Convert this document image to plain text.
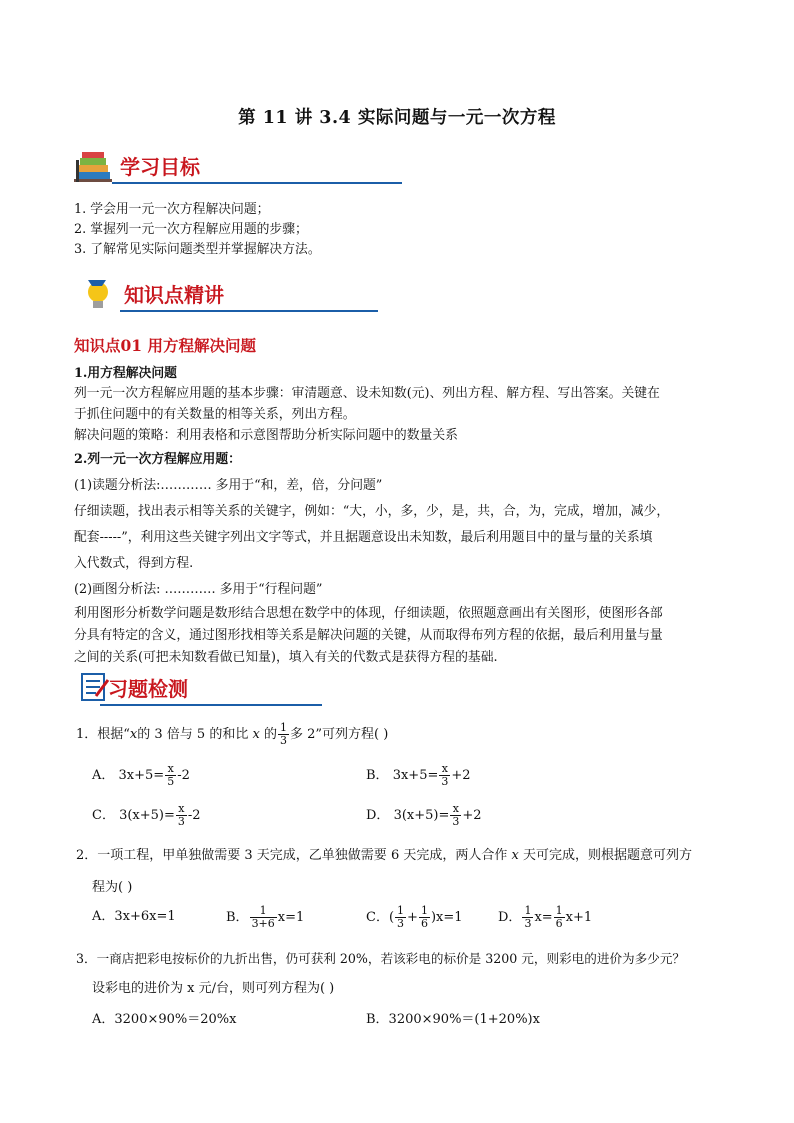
第 11 讲 3.4 实际问题与一元一次方程
学习目标
1. 学会用一元一次方程解决问题；
2. 掌握列一元一次方程解应用题的步骤；
3. 了解常见实际问题类型并掌握解决方法。
知识点精讲
知识点01 用方程解决问题
1.用方程解决问题
列一元一次方程解应用题的基本步骤：审清题意、设未知数(元)、列出方程、解方程、写出答案。关键在
于抓住问题中的有关数量的相等关系，列出方程。
解决问题的策略：利用表格和示意图帮助分析实际问题中的数量关系
2.列一元一次方程解应用题：
(1)读题分析法:………… 多用于“和，差，倍，分问题”
仔细读题，找出表示相等关系的关键字，例如：“大，小，多，少，是，共，合，为，完成，增加，减少，
配套-----”，利用这些关键字列出文字等式，并且据题意设出未知数，最后利用题目中的量与量的关系填
入代数式，得到方程.
(2)画图分析法: ………… 多用于“行程问题”
利用图形分析数学问题是数形结合思想在数学中的体现，仔细读题，依照题意画出有关图形，使图形各部
分具有特定的含义，通过图形找相等关系是解决问题的关键，从而取得布列方程的依据，最后利用量与量
之间的关系(可把未知数看做已知量)，填入有关的代数式是获得方程的基础.
习题检测
1．根据“x的 3 倍与 5 的和比 x 的 $\frac{1}{3}$ 多 2”可列方程( )
A． $3x+5= \frac{x}{5} -2$	B． $3x+5= \frac{x}{3} +2$
C． $3(x+5)= \frac{x}{3} -2$	D． $3(x+5)= \frac{x}{3} +2$
2．一项工程，甲单独做需要 3 天完成，乙单独做需要 6 天完成，两人合作 x 天可完成，则根据题意可列方
程为( )
A．3x+6x=1	B． $\frac{1}{3+6} x=1$	C．( $\frac{1}{3} + \frac{1}{6} )x=1$	D． $\frac{1}{3} x= \frac{1}{6} x+1$
3．一商店把彩电按标价的九折出售，仍可获利 20%，若该彩电的标价是 3200 元，则彩电的进价为多少元？
设彩电的进价为 x 元/台，则可列方程为( )
A．3200×90%＝20%x	B．3200×90%＝(1+20%)x
